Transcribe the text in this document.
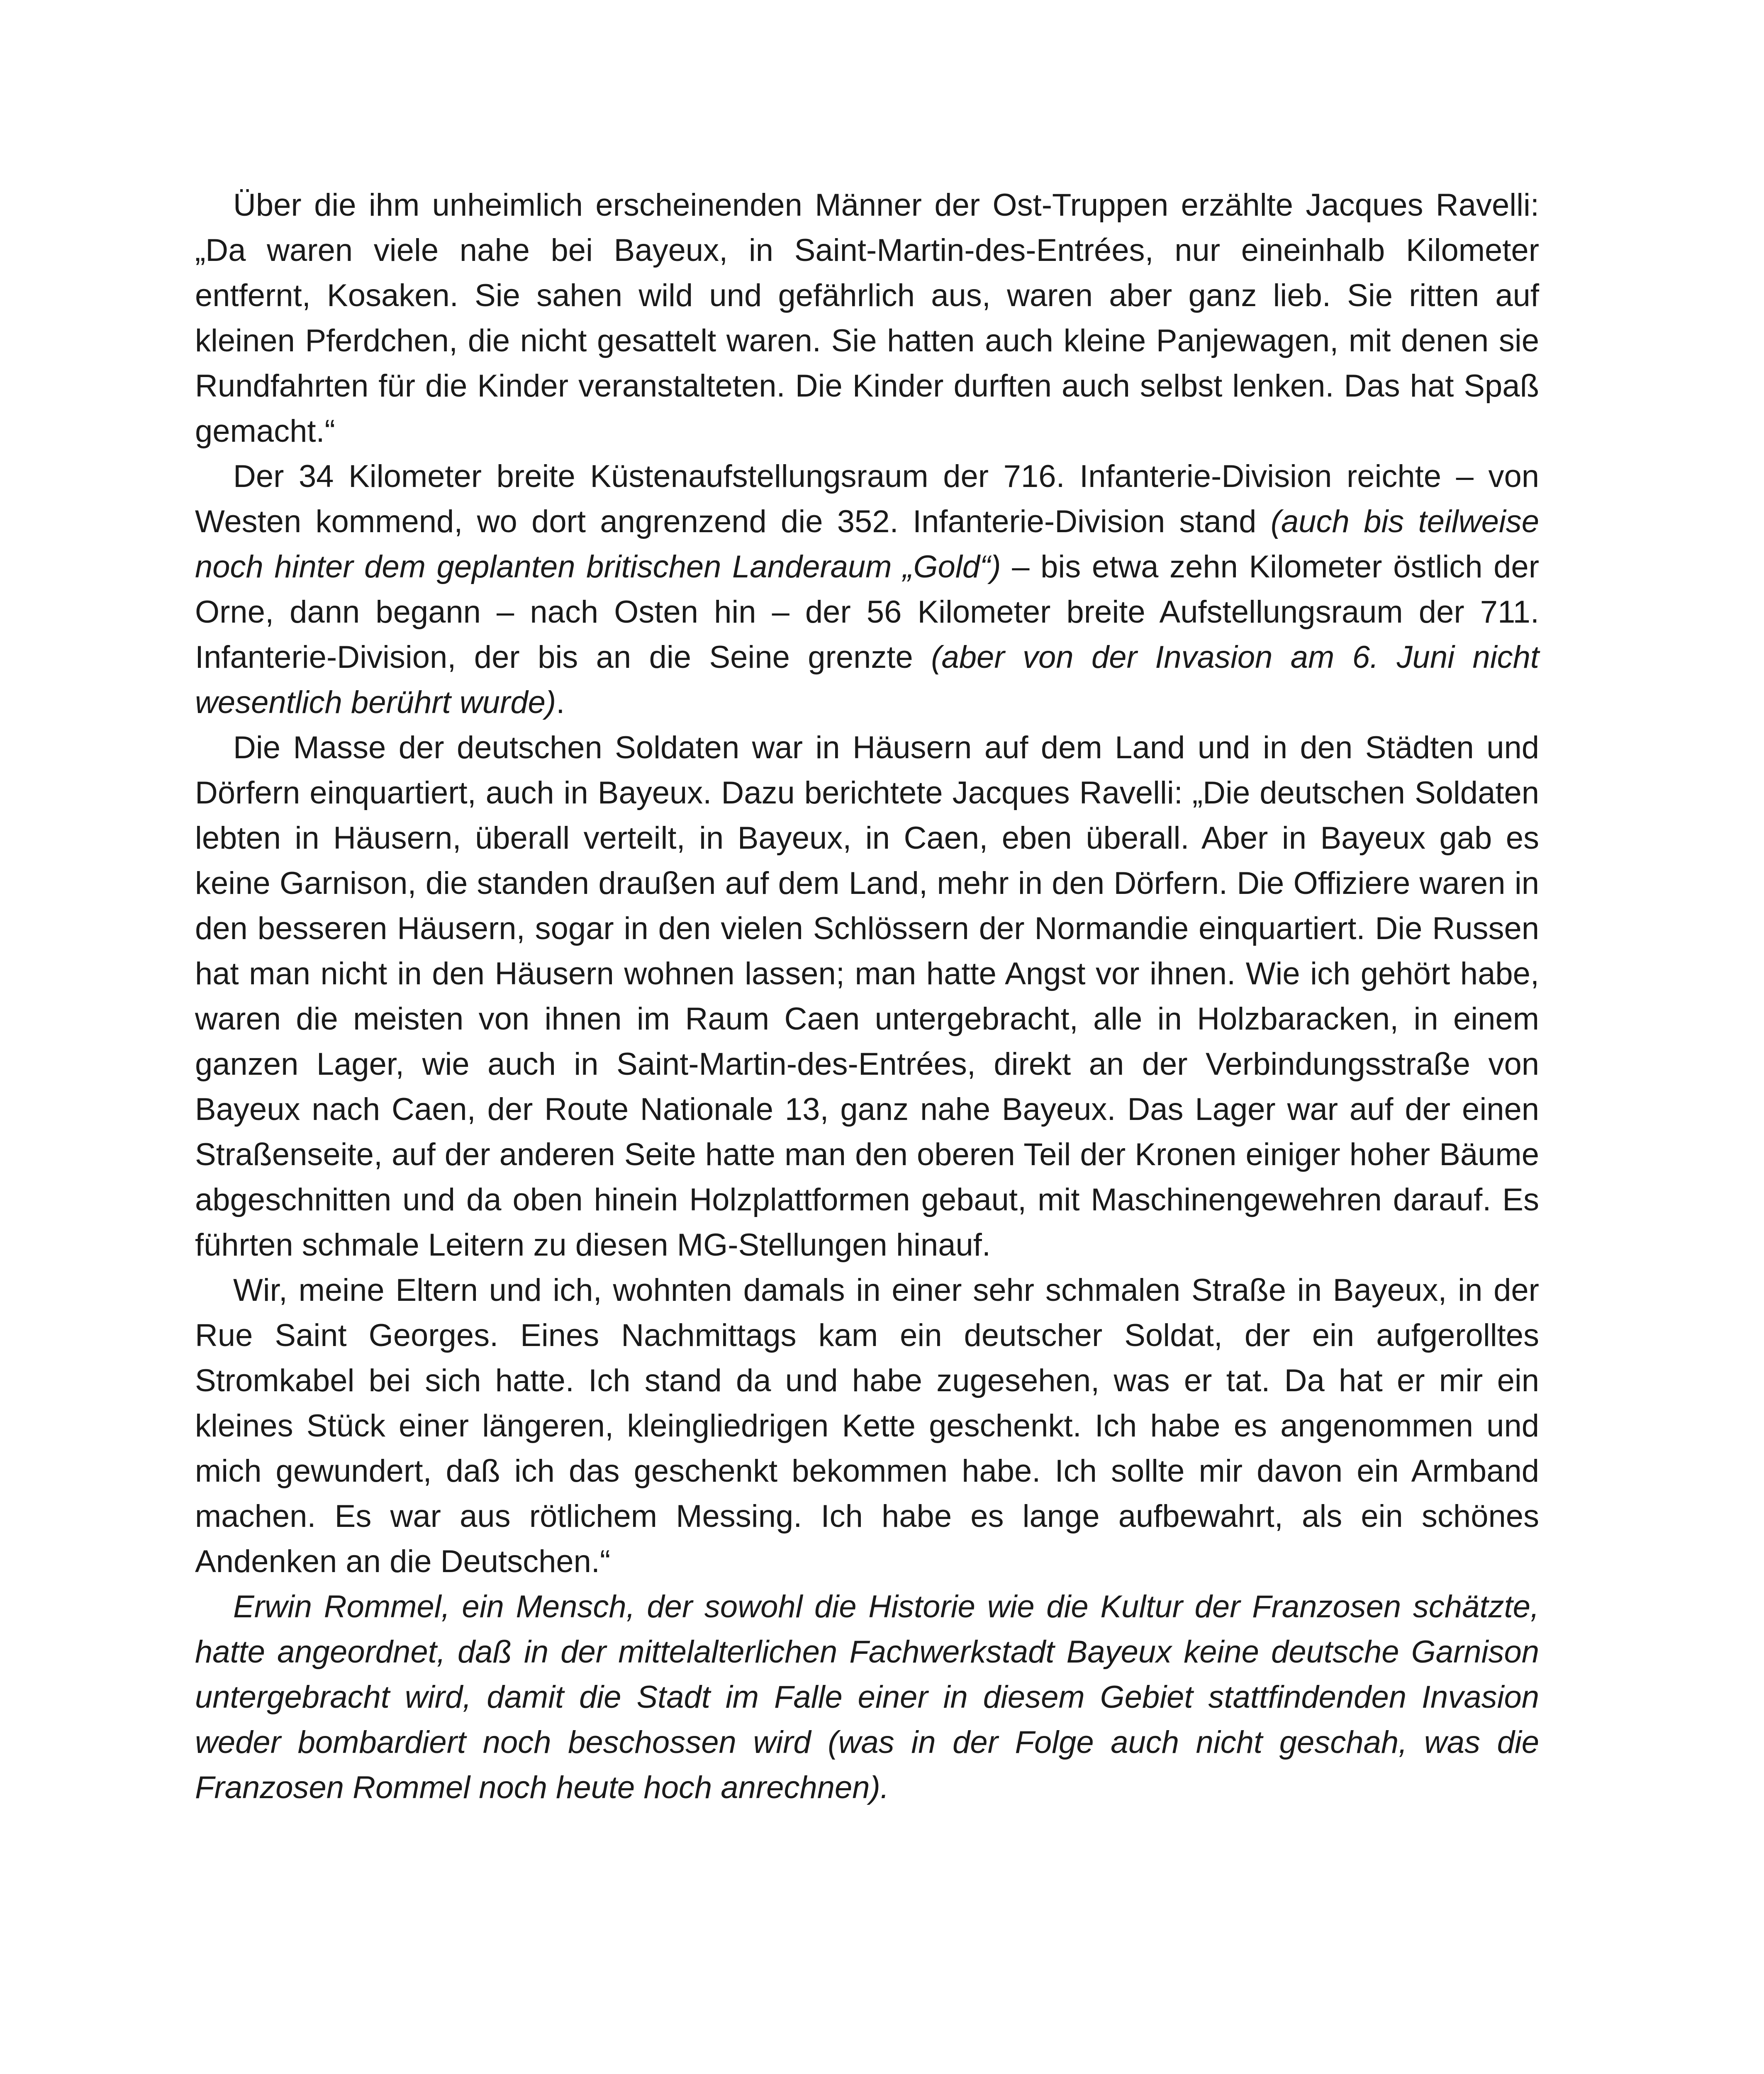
Über die ihm unheimlich erscheinenden Männer der Ost-Truppen erzählte Jacques Ravelli: „Da waren viele nahe bei Bayeux, in Saint-Martin-des-Entrées, nur eineinhalb Kilometer entfernt, Kosaken. Sie sahen wild und gefährlich aus, waren aber ganz lieb. Sie ritten auf kleinen Pferdchen, die nicht gesattelt waren. Sie hatten auch kleine Panjewagen, mit denen sie Rundfahrten für die Kinder veranstalteten. Die Kinder durften auch selbst lenken. Das hat Spaß gemacht.“

Der 34 Kilometer breite Küstenaufstellungsraum der 716. Infanterie-Division reichte – von Westen kommend, wo dort angrenzend die 352. Infanterie-Division stand (auch bis teilweise noch hinter dem geplanten britischen Landeraum „Gold“) – bis etwa zehn Kilometer östlich der Orne, dann begann – nach Osten hin – der 56 Kilometer breite Aufstellungsraum der 711. Infanterie-Division, der bis an die Seine grenzte (aber von der Invasion am 6. Juni nicht wesentlich berührt wurde).

Die Masse der deutschen Soldaten war in Häusern auf dem Land und in den Städten und Dörfern einquartiert, auch in Bayeux. Dazu berichtete Jacques Ravelli: „Die deutschen Soldaten lebten in Häusern, überall verteilt, in Bayeux, in Caen, eben überall. Aber in Bayeux gab es keine Garnison, die standen draußen auf dem Land, mehr in den Dörfern. Die Offiziere waren in den besseren Häusern, sogar in den vielen Schlössern der Normandie einquartiert. Die Russen hat man nicht in den Häusern wohnen lassen; man hatte Angst vor ihnen. Wie ich gehört habe, waren die meisten von ihnen im Raum Caen untergebracht, alle in Holzbaracken, in einem ganzen Lager, wie auch in Saint-Martin-des-Entrées, direkt an der Verbindungsstraße von Bayeux nach Caen, der Route Nationale 13, ganz nahe Bayeux. Das Lager war auf der einen Straßenseite, auf der anderen Seite hatte man den oberen Teil der Kronen einiger hoher Bäume abgeschnitten und da oben hinein Holzplattformen gebaut, mit Maschinengewehren darauf. Es führten schmale Leitern zu diesen MG-Stellungen hinauf.

Wir, meine Eltern und ich, wohnten damals in einer sehr schmalen Straße in Bayeux, in der Rue Saint Georges. Eines Nachmittags kam ein deutscher Soldat, der ein aufgerolltes Stromkabel bei sich hatte. Ich stand da und habe zugesehen, was er tat. Da hat er mir ein kleines Stück einer längeren, kleingliedrigen Kette geschenkt. Ich habe es angenommen und mich gewundert, daß ich das geschenkt bekommen habe. Ich sollte mir davon ein Armband machen. Es war aus rötlichem Messing. Ich habe es lange aufbewahrt, als ein schönes Andenken an die Deutschen.“

Erwin Rommel, ein Mensch, der sowohl die Historie wie die Kultur der Franzosen schätzte, hatte angeordnet, daß in der mittelalterlichen Fachwerkstadt Bayeux keine deutsche Garnison untergebracht wird, damit die Stadt im Falle einer in diesem Gebiet stattfindenden Invasion weder bombardiert noch beschossen wird (was in der Folge auch nicht geschah, was die Franzosen Rommel noch heute hoch anrechnen).
